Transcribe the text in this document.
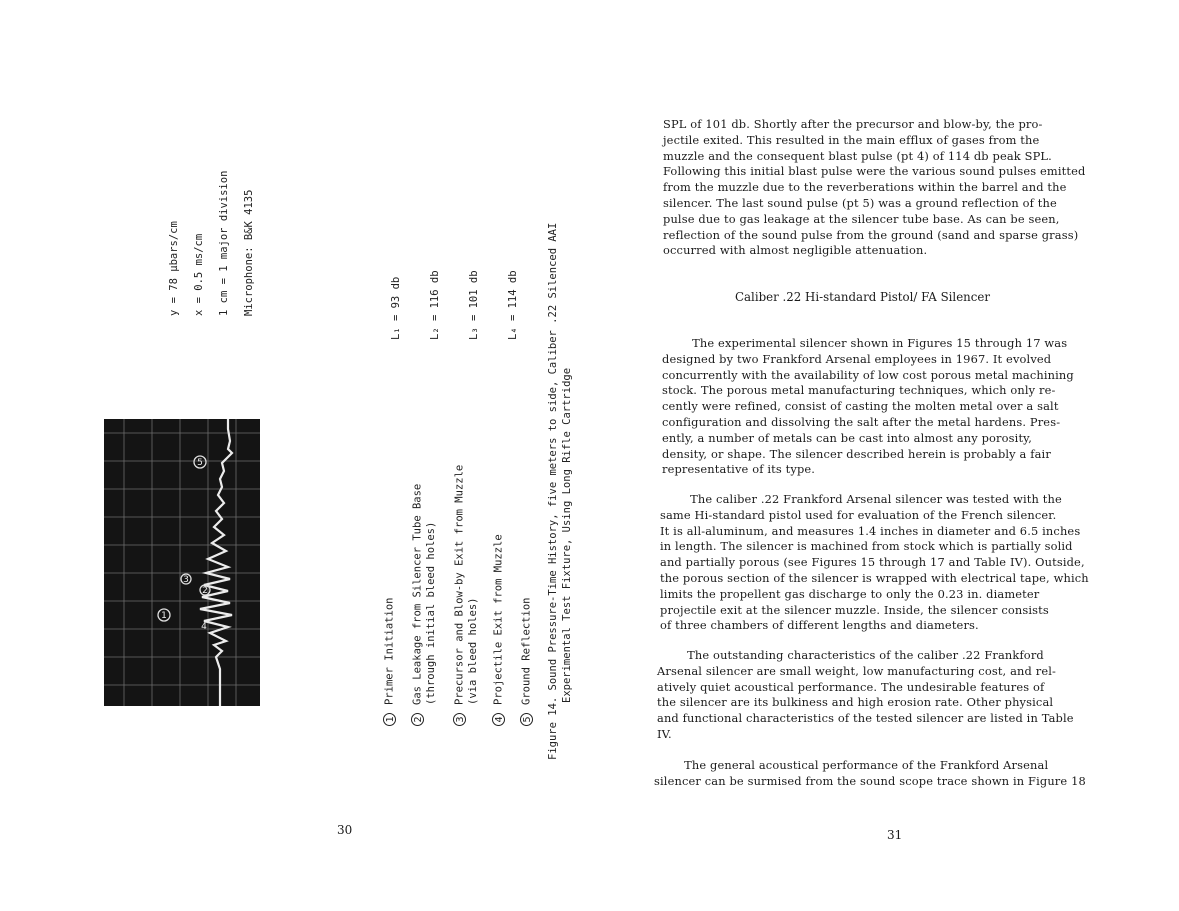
y = 78 μbars/cm	x = 0.5 ms/cm	1 cm = 1 major division	Microphone: B&K 4135	L₁ = 93 db	L₂ = 116 db	L₃ = 101 db	L₄ = 114 db
1
2
5
3
4
1Primer Initiation
2Gas Leakage from Silencer Tube Base (through initial bleed holes)
3Precursor and Blow-by Exit from Muzzle (via bleed holes)
4Projectile Exit from Muzzle
5Ground Reflection	Figure 14. Sound Pressure-Time History, five meters to side, Caliber .22 Silenced AAI Experimental Test Fixture, Using Long Rifle Cartridge
30
SPL of 101 db. Shortly after the precursor and blow-by, the pro-
jectile exited. This resulted in the main efflux of gases from the
muzzle and the consequent blast pulse (pt 4) of 114 db peak SPL.
Following this initial blast pulse were the various sound pulses emitted
from the muzzle due to the reverberations within the barrel and the
silencer. The last sound pulse (pt 5) was a ground reflection of the
pulse due to gas leakage at the silencer tube base. As can be seen,
reflection of the sound pulse from the ground (sand and sparse grass)
occurred with almost negligible attenuation.
Caliber .22 Hi-standard Pistol/ FA Silencer
The experimental silencer shown in Figures 15 through 17 was
designed by two Frankford Arsenal employees in 1967. It evolved
concurrently with the availability of low cost porous metal machining
stock. The porous metal manufacturing techniques, which only re-
cently were refined, consist of casting the molten metal over a salt
configuration and dissolving the salt after the metal hardens. Pres-
ently, a number of metals can be cast into almost any porosity,
density, or shape. The silencer described herein is probably a fair
representative of its type.
The caliber .22 Frankford Arsenal silencer was tested with the
same Hi-standard pistol used for evaluation of the French silencer.
It is all-aluminum, and measures 1.4 inches in diameter and 6.5 inches
in length. The silencer is machined from stock which is partially solid
and partially porous (see Figures 15 through 17 and Table IV). Outside,
the porous section of the silencer is wrapped with electrical tape, which
limits the propellent gas discharge to only the 0.23 in. diameter
projectile exit at the silencer muzzle. Inside, the silencer consists
of three chambers of different lengths and diameters.
The outstanding characteristics of the caliber .22 Frankford
Arsenal silencer are small weight, low manufacturing cost, and rel-
atively quiet acoustical performance. The undesirable features of
the silencer are its bulkiness and high erosion rate. Other physical
and functional characteristics of the tested silencer are listed in Table
IV.
The general acoustical performance of the Frankford Arsenal
silencer can be surmised from the sound scope trace shown in Figure 18
31
